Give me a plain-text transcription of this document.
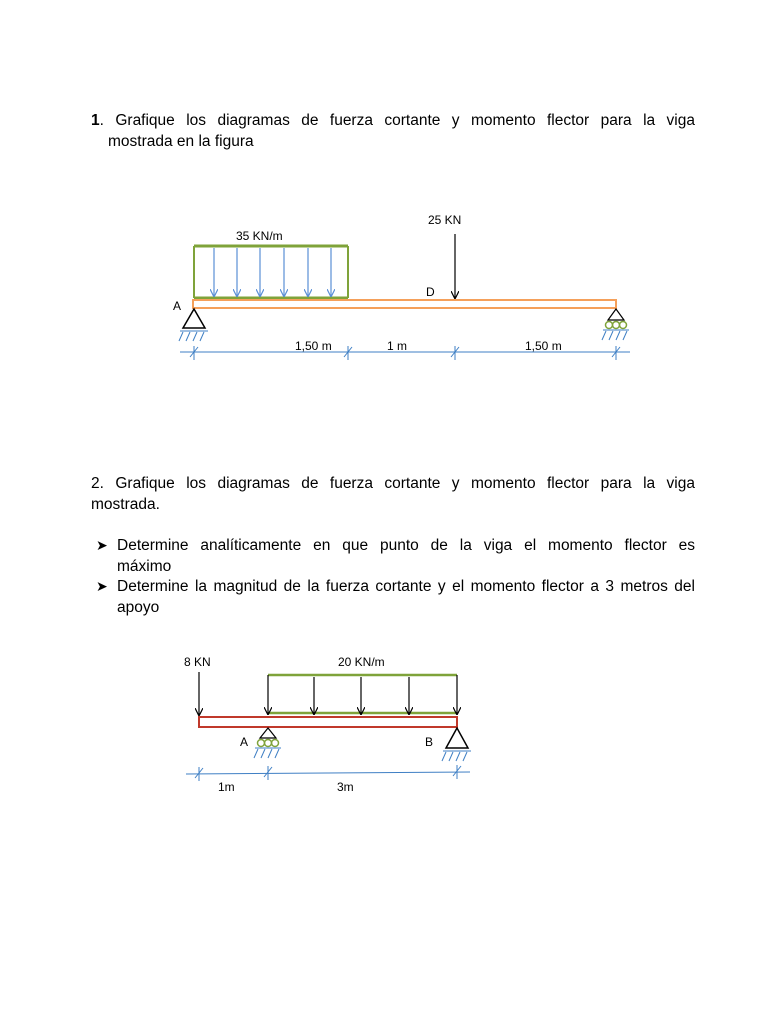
1. Grafique los diagramas de fuerza cortante y momento flector para la viga
mostrada en la figura
2. Grafique los diagramas de fuerza cortante y momento flector para la viga
mostrada.
➤ Determine analíticamente en que punto de la viga el momento flector es
máximo
➤ Determine la magnitud de la fuerza cortante y el momento flector a 3 metros del
apoyo
35 KN/m
25 KN
D
A
1,50 m	1 m	1,50 m
8 KN	20 KN/m
A	B
1m	3m
